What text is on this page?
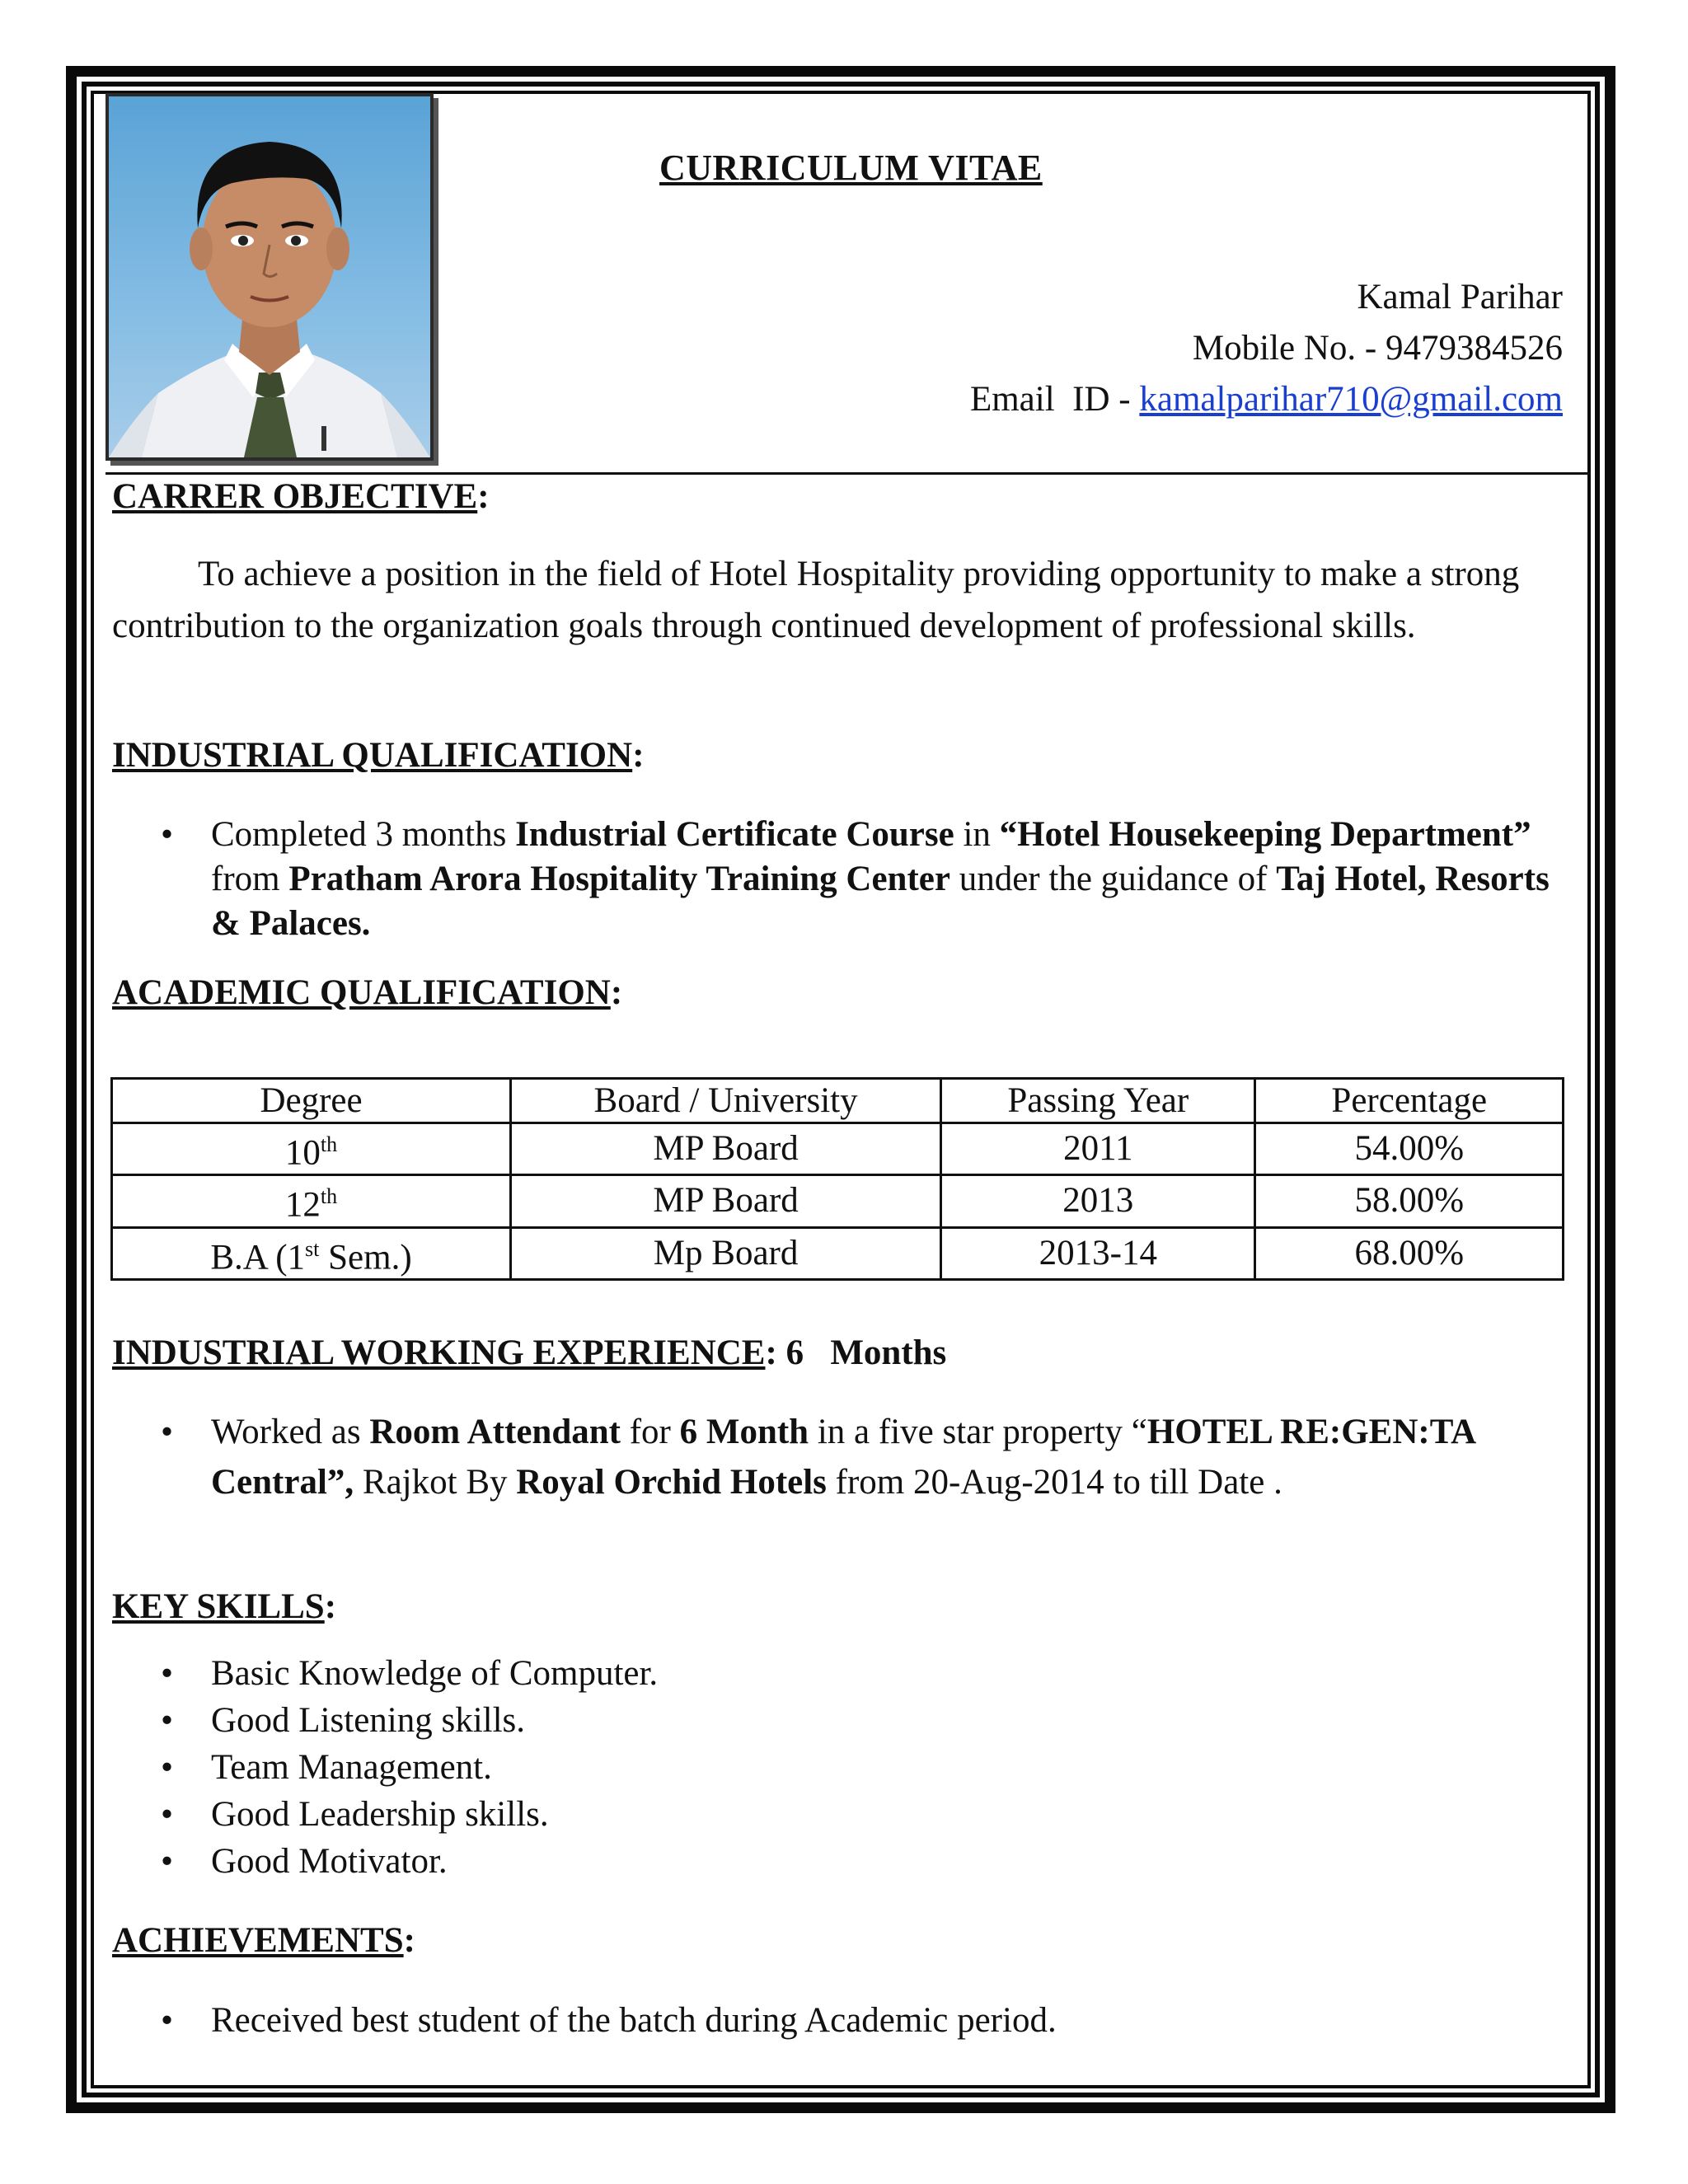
CURRICULUM VITAE
Kamal Parihar
Mobile No. - 9479384526
Email  ID - kamalparihar710@gmail.com
CARRER OBJECTIVE:
To achieve a position in the field of Hotel Hospitality providing opportunity to make a strong contribution to the organization goals through continued development of professional skills.
INDUSTRIAL QUALIFICATION:
•	Completed 3 months Industrial Certificate Course in “Hotel Housekeeping Department” from Pratham Arora Hospitality Training Center under the guidance of Taj Hotel, Resorts & Palaces.
ACADEMIC QUALIFICATION:
Degree	Board / University	Passing Year	Percentage
10th	MP Board	2011	54.00%
12th	MP Board	2013	58.00%
B.A (1st Sem.)	Mp Board	2013-14	68.00%
INDUSTRIAL WORKING EXPERIENCE: 6   Months
•	Worked as Room Attendant for 6 Month in a five star property “HOTEL RE:GEN:TA Central”, Rajkot By Royal Orchid Hotels from 20-Aug-2014 to till Date .
KEY SKILLS:
• Basic Knowledge of Computer.
• Good Listening skills.
• Team Management.
• Good Leadership skills.
• Good Motivator.
ACHIEVEMENTS:
•	Received best student of the batch during Academic period.
